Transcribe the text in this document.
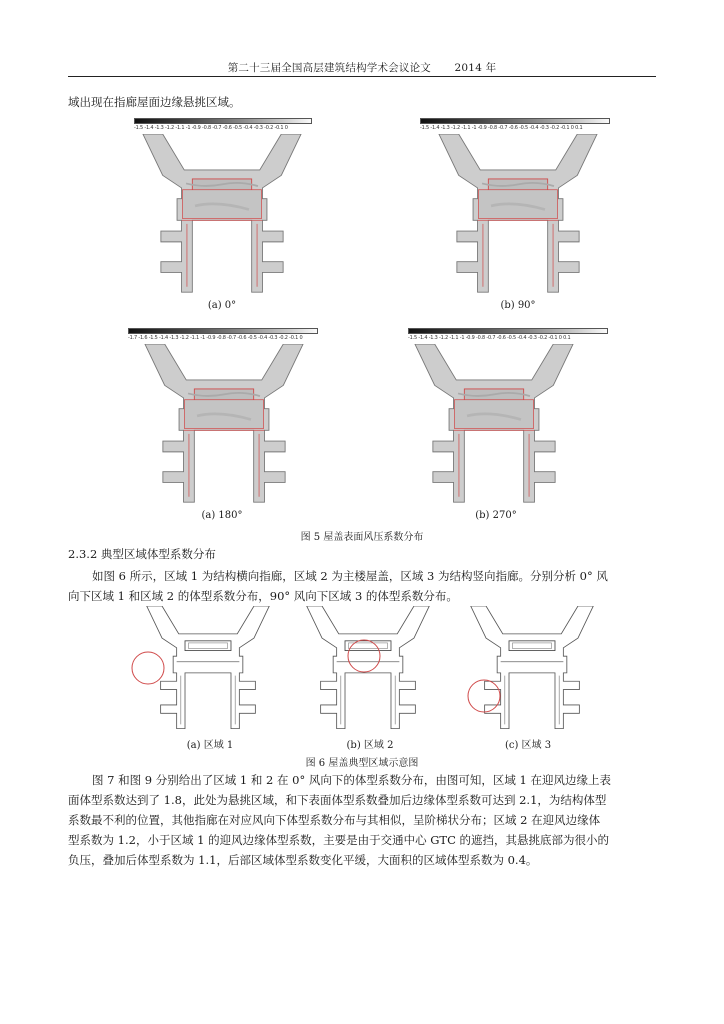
第二十三届全国高层建筑结构学术会议论文 2014 年
域出现在指廊屋面边缘悬挑区域。
-1.5 -1.4 -1.3 -1.2 -1.1 -1 -0.9 -0.8 -0.7 -0.6 -0.5 -0.4 -0.3 -0.2 -0.1 0
(a) 0°
-1.5 -1.4 -1.3 -1.2 -1.1 -1 -0.9 -0.8 -0.7 -0.6 -0.5 -0.4 -0.3 -0.2 -0.1 0 0.1
(b) 90°
-1.7 -1.6 -1.5 -1.4 -1.3 -1.2 -1.1 -1 -0.9 -0.8 -0.7 -0.6 -0.5 -0.4 -0.3 -0.2 -0.1 0
(a) 180°
-1.5 -1.4 -1.3 -1.2 -1.1 -1 -0.9 -0.8 -0.7 -0.6 -0.5 -0.4 -0.3 -0.2 -0.1 0 0.1
(b) 270°
图 5 屋盖表面风压系数分布
2.3.2 典型区域体型系数分布
如图 6 所示，区域 1 为结构横向指廊，区域 2 为主楼屋盖，区域 3 为结构竖向指廊。分别分析 0° 风
向下区域 1 和区域 2 的体型系数分布，90° 风向下区域 3 的体型系数分布。
(a) 区域 1	(b) 区域 2	(c) 区域 3
图 6 屋盖典型区域示意图
图 7 和图 9 分别给出了区域 1 和 2 在 0° 风向下的体型系数分布，由图可知，区域 1 在迎风边缘上表
面体型系数达到了 1.8，此处为悬挑区域，和下表面体型系数叠加后边缘体型系数可达到 2.1，为结构体型
系数最不利的位置，其他指廊在对应风向下体型系数分布与其相似，呈阶梯状分布；区域 2 在迎风边缘体
型系数为 1.2，小于区域 1 的迎风边缘体型系数，主要是由于交通中心 GTC 的遮挡，其悬挑底部为很小的
负压，叠加后体型系数为 1.1，后部区域体型系数变化平缓，大面积的区域体型系数为 0.4。
